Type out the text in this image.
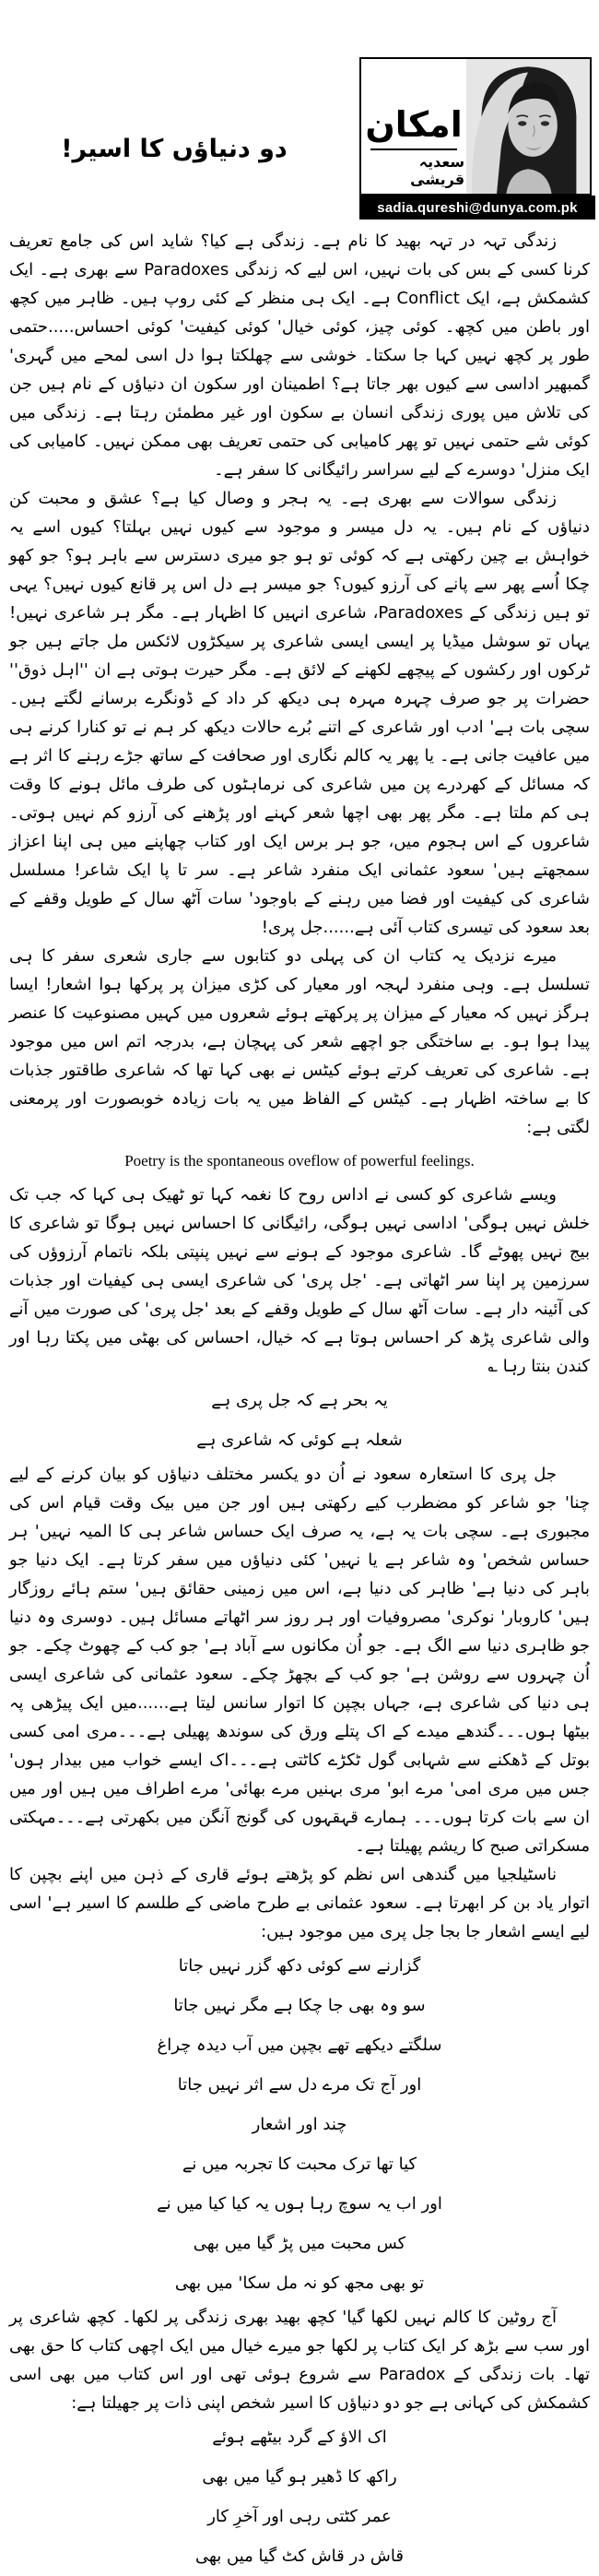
دو دنیاؤں کا اسیر!
امکان
سعدیہ قریشی
sadia.qureshi@dunya.com.pk

زندگی تہہ در تہہ بھید کا نام ہے۔ زندگی ہے کیا؟ شاید اس کی جامع تعریف کرنا کسی کے بس کی بات نہیں، اس لیے کہ زندگی Paradoxes سے بھری ہے۔ ایک کشمکش ہے، ایک Conflict ہے۔ ایک ہی منظر کے کئی روپ ہیں۔ ظاہر میں کچھ اور باطن میں کچھ۔ کوئی چیز، کوئی خیال' کوئی کیفیت' کوئی احساس.....حتمی طور پر کچھ نہیں کہا جا سکتا۔ خوشی سے چھلکتا ہوا دل اسی لمحے میں گہری' گمبھیر اداسی سے کیوں بھر جاتا ہے؟ اطمینان اور سکون ان دنیاؤں کے نام ہیں جن کی تلاش میں پوری زندگی انسان بے سکون اور غیر مطمئن رہتا ہے۔ زندگی میں کوئی شے حتمی نہیں تو پھر کامیابی کی حتمی تعریف بھی ممکن نہیں۔ کامیابی کی ایک منزل' دوسرے کے لیے سراسر رائیگانی کا سفر ہے۔

زندگی سوالات سے بھری ہے۔ یہ ہجر و وصال کیا ہے؟ عشق و محبت کن دنیاؤں کے نام ہیں۔ یہ دل میسر و موجود سے کیوں نہیں بہلتا؟ کیوں اسے یہ خواہش بے چین رکھتی ہے کہ کوئی تو ہو جو میری دسترس سے باہر ہو؟ جو کھو چکا اُسے پھر سے پانے کی آرزو کیوں؟ جو میسر ہے دل اس پر قانع کیوں نہیں؟ یہی تو ہیں زندگی کے Paradoxes، شاعری انہیں کا اظہار ہے۔ مگر ہر شاعری نہیں! یہاں تو سوشل میڈیا پر ایسی ایسی شاعری پر سیکڑوں لائکس مل جاتے ہیں جو ٹرکوں اور رکشوں کے پیچھے لکھنے کے لائق ہے۔ مگر حیرت ہوتی ہے ان ''اہل ذوق'' حضرات پر جو صرف چہرہ مہرہ ہی دیکھ کر داد کے ڈونگرے برسانے لگتے ہیں۔ سچی بات ہے' ادب اور شاعری کے اتنے بُرے حالات دیکھ کر ہم نے تو کنارا کرنے ہی میں عافیت جانی ہے۔ یا پھر یہ کالم نگاری اور صحافت کے ساتھ جڑے رہنے کا اثر ہے کہ مسائل کے کھردرے پن میں شاعری کی نرماہٹوں کی طرف مائل ہونے کا وقت ہی کم ملتا ہے۔ مگر پھر بھی اچھا شعر کہنے اور پڑھنے کی آرزو کم نہیں ہوتی۔ شاعروں کے اس ہجوم میں، جو ہر برس ایک اور کتاب چھاپنے میں ہی اپنا اعزاز سمجھتے ہیں' سعود عثمانی ایک منفرد شاعر ہے۔ سر تا پا ایک شاعر! مسلسل شاعری کی کیفیت اور فضا میں رہنے کے باوجود' سات آٹھ سال کے طویل وقفے کے بعد سعود کی تیسری کتاب آئی ہے......جل پری!

میرے نزدیک یہ کتاب ان کی پہلی دو کتابوں سے جاری شعری سفر کا ہی تسلسل ہے۔ وہی منفرد لہجہ اور معیار کی کڑی میزان پر پرکھا ہوا اشعار! ایسا ہرگز نہیں کہ معیار کے میزان پر پرکھتے ہوئے شعروں میں کہیں مصنوعیت کا عنصر پیدا ہوا ہو۔ بے ساختگی جو اچھے شعر کی پہچان ہے، بدرجہ اتم اس میں موجود ہے۔ شاعری کی تعریف کرتے ہوئے کیٹس نے بھی کہا تھا کہ شاعری طاقتور جذبات کا بے ساختہ اظہار ہے۔ کیٹس کے الفاظ میں یہ بات زیادہ خوبصورت اور پرمعنی لگتی ہے:

Poetry is the spontaneous oveflow of powerful feelings.

ویسے شاعری کو کسی نے اداس روح کا نغمہ کہا تو ٹھیک ہی کہا کہ جب تک خلش نہیں ہوگی' اداسی نہیں ہوگی، رائیگانی کا احساس نہیں ہوگا تو شاعری کا بیج نہیں پھوٹے گا۔ شاعری موجود کے ہونے سے نہیں پنپتی بلکہ ناتمام آرزوؤں کی سرزمین پر اپنا سر اٹھاتی ہے۔ 'جل پری' کی شاعری ایسی ہی کیفیات اور جذبات کی آئینہ دار ہے۔ سات آٹھ سال کے طویل وقفے کے بعد 'جل پری' کی صورت میں آنے والی شاعری پڑھ کر احساس ہوتا ہے کہ خیال، احساس کی بھٹی میں پکتا رہا اور کندن بنتا رہا ؎

یہ بحر ہے کہ جل پری ہے

شعلہ ہے کوئی کہ شاعری ہے

جل پری کا استعارہ سعود نے اُن دو یکسر مختلف دنیاؤں کو بیان کرنے کے لیے چنا' جو شاعر کو مضطرب کیے رکھتی ہیں اور جن میں بیک وقت قیام اس کی مجبوری ہے۔ سچی بات یہ ہے، یہ صرف ایک حساس شاعر ہی کا المیہ نہیں' ہر حساس شخص' وہ شاعر ہے یا نہیں' کئی دنیاؤں میں سفر کرتا ہے۔ ایک دنیا جو باہر کی دنیا ہے' ظاہر کی دنیا ہے، اس میں زمینی حقائق ہیں' ستم ہائے روزگار ہیں' کاروبار' نوکری' مصروفیات اور ہر روز سر اٹھاتے مسائل ہیں۔ دوسری وہ دنیا جو ظاہری دنیا سے الگ ہے۔ جو اُن مکانوں سے آباد ہے' جو کب کے چھوٹ چکے۔ جو اُن چہروں سے روشن ہے' جو کب کے بچھڑ چکے۔ سعود عثمانی کی شاعری ایسی ہی دنیا کی شاعری ہے، جہاں بچپن کا اتوار سانس لیتا ہے......میں ایک پیڑھی پہ بیٹھا ہوں۔۔۔گندھے میدے کے اک پتلے ورق کی سوندھ پھیلی ہے۔۔۔مری امی کسی بوتل کے ڈھکنے سے شہابی گول ٹکڑے کاٹتی ہے۔۔۔اک ایسے خواب میں بیدار ہوں' جس میں مری امی' مرے ابو' مری بہنیں مرے بھائی' مرے اطراف میں ہیں اور میں ان سے بات کرتا ہوں۔۔۔ ہمارے قہقہوں کی گونج آنگن میں بکھرتی ہے۔۔۔مہکتی مسکراتی صبح کا ریشم پھیلتا ہے۔

ناسٹیلجیا میں گندھی اس نظم کو پڑھتے ہوئے قاری کے ذہن میں اپنے بچپن کا اتوار یاد بن کر ابھرتا ہے۔ سعود عثمانی بے طرح ماضی کے طلسم کا اسیر ہے' اسی لیے ایسے اشعار جا بجا جل پری میں موجود ہیں:

گزارنے سے کوئی دکھ گزر نہیں جاتا

سو وہ بھی جا چکا ہے مگر نہیں جاتا

سلگتے دیکھے تھے بچپن میں آب دیدہ چراغ

اور آج تک مرے دل سے اثر نہیں جاتا

چند اور اشعار

کیا تھا ترک محبت کا تجربہ میں نے

اور اب یہ سوچ رہا ہوں یہ کیا کیا میں نے

کس محبت میں پڑ گیا میں بھی

تو بھی مجھ کو نہ مل سکا' میں بھی

آج روٹین کا کالم نہیں لکھا گیا' کچھ بھید بھری زندگی پر لکھا۔ کچھ شاعری پر اور سب سے بڑھ کر ایک کتاب پر لکھا جو میرے خیال میں ایک اچھی کتاب کا حق بھی تھا۔ بات زندگی کے Paradox سے شروع ہوئی تھی اور اس کتاب میں بھی اسی کشمکش کی کہانی ہے جو دو دنیاؤں کا اسیر شخص اپنی ذات پر جھیلتا ہے:

اک الاؤ کے گرد بیٹھے ہوئے

راکھ کا ڈھیر ہو گیا میں بھی

عمر کٹتی رہی اور آخرِ کار

قاش در قاش کٹ گیا میں بھی
